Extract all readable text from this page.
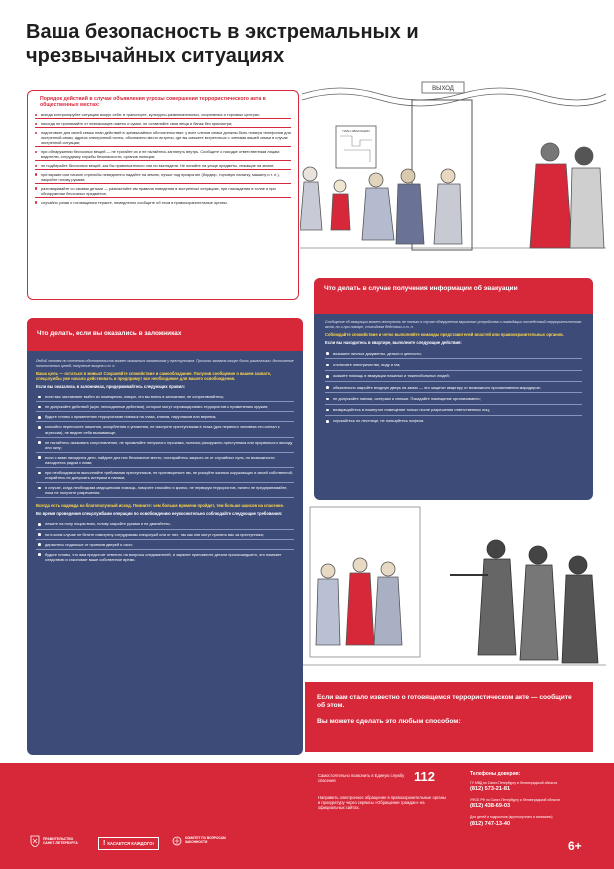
Ваша безопасность в экстремальных и чрезвычайных ситуациях
ВЫХОД
ПЛАН ЭВАКУАЦИИ
Порядок действий в случае объявления угрозы совершения террористического акта в общественных местах:
всегда контролируйте ситуацию вокруг себя: в транспорте, культурно-развлекательных, спортивных и торговых центрах;
никогда не принимайте от незнакомцев пакеты и сумки, не оставляйте свои вещи и багаж без присмотра;
подготовьте для своей семьи план действий в чрезвычайных обстоятельствах: у всех членов семьи должны быть номера телефонов для экстренной связи, адреса электронной почты, обозначено место встречи, где вы сможете встретиться с членами вашей семьи в случае экстренной ситуации;
при обнаружении бесхозных вещей — не трогайте их и не пытайтесь заглянуть внутрь. Сообщите о находке ответственным лицам: водителю, сотруднику службы безопасности, органов полиции;
не подбирайте бесхозных вещей, как бы привлекательно они ни выглядели. Не пинайте на улице предметы, лежащие на земле;
при взрыве или начале стрельбы немедленно падайте на землю, лучше под прикрытие (бордюр, торговую палатку, машину и т. п.), накройте голову руками;
разговаривайте со своими детьми — разъясняйте им правила поведения в экстренных ситуациях, при нахождении в толпе и при обнаружении бесхозных предметов;
случайно узнав о готовящемся теракте, немедленно сообщите об этом в правоохранительные органы.
Что делать, если вы оказались в заложниках
Любой человек по стечению обстоятельств может оказаться заложником у преступников. Причины захвата могут быть различными: достижение политических целей, получение выкупа и т. п.
Ваша цель — остаться в живых! Сохраняйте спокойствие и самообладание. Получив сообщение о вашем захвате, спецслужбы уже начали действовать и предпримут все необходимое для вашего освобождения.
Если вы оказались в заложниках, придерживайтесь следующих правил:
если вас заставляют выйти из помещения, говоря, что вы взяты в заложники, не сопротивляйтесь;
не допускайте действий (шум, неосиданные действия), которые могут спровоцировать террористов к применению оружия;
будьте готовы к применению террористами повязок на глаза, кляпов, наручников или веревок;
спокойно переносите лишения, оскорбления и унижения, не смотрите преступникам в глаза (для нервного человека это сигнал к агрессии), не ведите себя вызывающе;
не пытайтесь оказывать сопротивление, не проявляйте ненужного героизма, пытаясь разоружить преступника или прорваться к выходу или окну;
если с вами находятся дети, найдите для них безопасное место, постарайтесь закрыть их от случайных пуль, по возможности находитесь рядом с ними;
при необходимости выполняйте требования преступников, не противоречьте им, не рискуйте жизнью окружающих и своей собственной, старайтесь не допускать истерики и паники;
в случае, когда необходима медицинская помощь, говорите спокойно и кратко, не нервируя террористов, ничего не предпринимайте, пока не получите разрешения.
Всегда есть надежда на благополучный исход. Помните: чем больше времени пройдет, тем больше шансов на спасение.
Во время проведения спецслужбами операции по освобождению неукоснительно соблюдайте следующие требования:
лежите на полу лицом вниз, голову закройте руками и не двигайтесь;
ни в коем случае не бегите навстречу сотрудникам спецслужб или от них, так как они могут принять вас за преступника;
держитесь подальше от проемов дверей и окон;
будьте готовы, что вам предстоит ответить на вопросы следователей, и заранее припомните детали произошедшего, это поможет следствию и сэкономит ваше собственное время.
Что делать в случае получения информации об эвакуации
Сообщение об эвакуации может поступить не только в случае обнаружения взрывного устройства и ликвидации последствий террористического акта, но и при пожаре, стихийном бедствии и т. п.
Соблюдайте спокойствие и четко выполняйте команды представителей властей или правоохранительных органов.
Если вы находитесь в квартире, выполните следующие действия:
возьмите личные документы, деньги и ценности;
отключите электричество, воду и газ;
окажите помощь в эвакуации пожилых и тяжелобольных людей;
обязательно закройте входную дверь на замок — это защитит квартиру от возможного проникновения мародеров;
не допускайте паники, истерики и спешки. Покидайте помещение организованно;
возвращайтесь в покинутое помещение только после разрешения ответственных лиц;
спускайтесь по лестнице, не пользуйтесь лифтом.
Если вам стало известно о готовящемся террористическом акте — сообщите об этом.
Вы можете сделать это любым способом:
Самостоятельно позвонить в Единую службу спасения	112
Направить электронное обращение в правоохранительные органы и прокуратуру через сервисы «Обращение граждан» на официальных сайтах.
Телефоны доверия:
ГУ МВД по Санкт-Петербургу и Ленинградской области
(812) 573-21-81
УФСБ РФ по Санкт-Петербургу и Ленинградской области
(812) 438-69-03
Для детей и подростков (круглосуточно и анонимно)
(812) 747-13-40
ПРАВИТЕЛЬСТВО САНКТ-ПЕТЕРБУРГА	! КАСАЕТСЯ КАЖДОГО!
КОМИТЕТ ПО ВОПРОСАМ ЗАКОННОСТИ	6+
